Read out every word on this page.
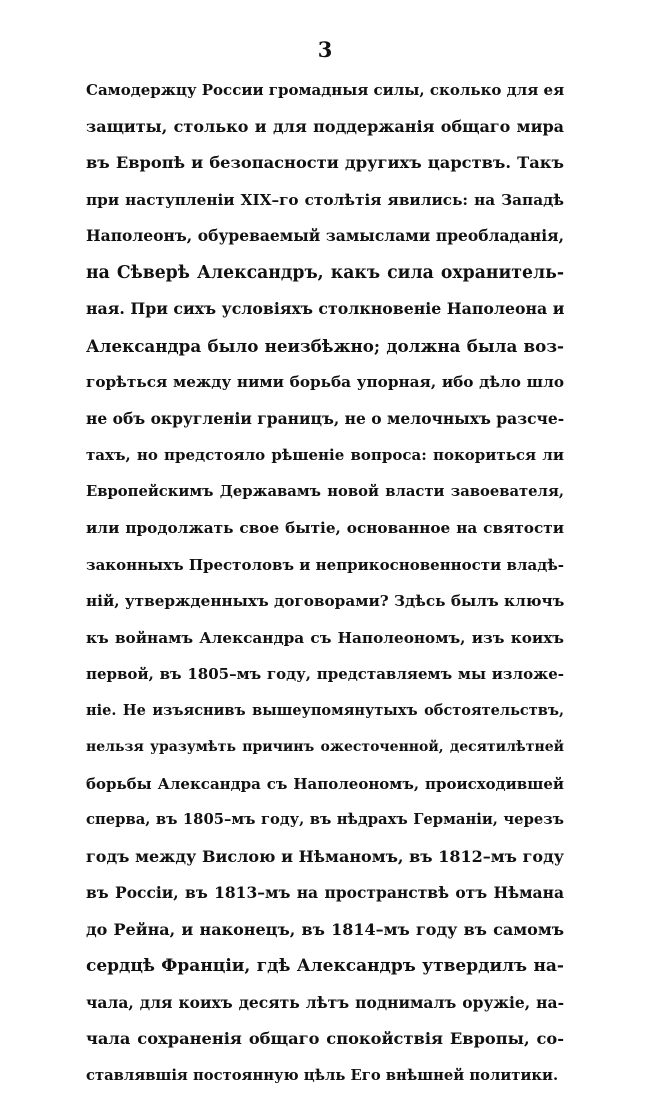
3
Самодержцу России громадныя силы, сколько для ея
защиты, столько и для поддержанія общаго мира
въ Европѣ и безопасности другихъ царствъ. Такъ
при наступленіи XIX–го столѣтія явились: на Западѣ
Наполеонъ, обуреваемый замыслами преобладанія,
на Сѣверѣ Александръ, какъ сила охранитель-
ная. При сихъ условіяхъ столкновеніе Наполеона и
Александра было неизбѣжно; должна была воз-
горѣться между ними борьба упорная, ибо дѣло шло
не объ округленіи границъ, не о мелочныхъ разсче-
тахъ, но предстояло рѣшеніе вопроса: покориться ли
Европейскимъ Державамъ новой власти завоевателя,
или продолжать свое бытіе, основанное на святости
законныхъ Престоловъ и неприкосновенности владѣ-
ній, утвержденныхъ договорами? Здѣсь былъ ключъ
къ войнамъ Александра съ Наполеономъ, изъ коихъ
первой, въ 1805–мъ году, представляемъ мы изложе-
ніе. Не изъяснивъ вышеупомянутыхъ обстоятельствъ,
нельзя уразумѣть причинъ ожесточенной, десятилѣтней
борьбы Александра съ Наполеономъ, происходившей
сперва, въ 1805–мъ году, въ нѣдрахъ Германіи, черезъ
годъ между Вислою и Нѣманомъ, въ 1812–мъ году
въ Россіи, въ 1813–мъ на пространствѣ отъ Нѣмана
до Рейна, и наконецъ, въ 1814–мъ году въ самомъ
сердцѣ Франціи, гдѣ Александръ утвердилъ на-
чала, для коихъ десять лѣтъ поднималъ оружіе, на-
чала сохраненія общаго спокойствія Европы, со-
ставлявшія постоянную цѣль Его внѣшней политики.
